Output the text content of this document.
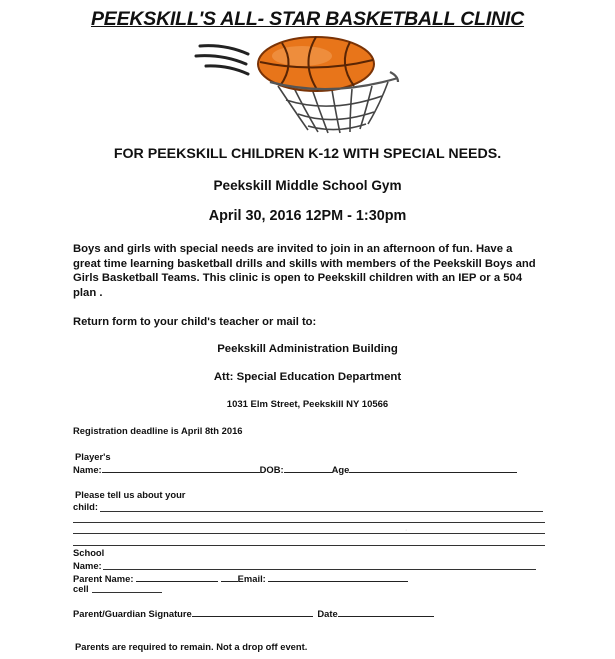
PEEKSKILL'S ALL- STAR BASKETBALL CLINIC
FOR PEEKSKILL CHILDREN K-12 WITH SPECIAL NEEDS.
Peekskill Middle School Gym
April 30, 2016 12PM - 1:30pm
Boys and girls with special needs are invited to join in an afternoon of fun. Have a great time learning basketball drills and skills with members of the Peekskill Boys and Girls Basketball Teams. This clinic is open to Peekskill children with an IEP or a 504 plan .
Return form to your child's teacher or mail to:
Peekskill Administration Building
Att: Special Education Department
1031 Elm Street, Peekskill NY 10566
Registration deadline is April 8th 2016
Player's
Name:	DOB:	Age
Please tell us about your
child:
·
School
Name:
Parent Name:	Email:
cell
Parent/Guardian Signature	Date
Parents are required to remain. Not a drop off event.
